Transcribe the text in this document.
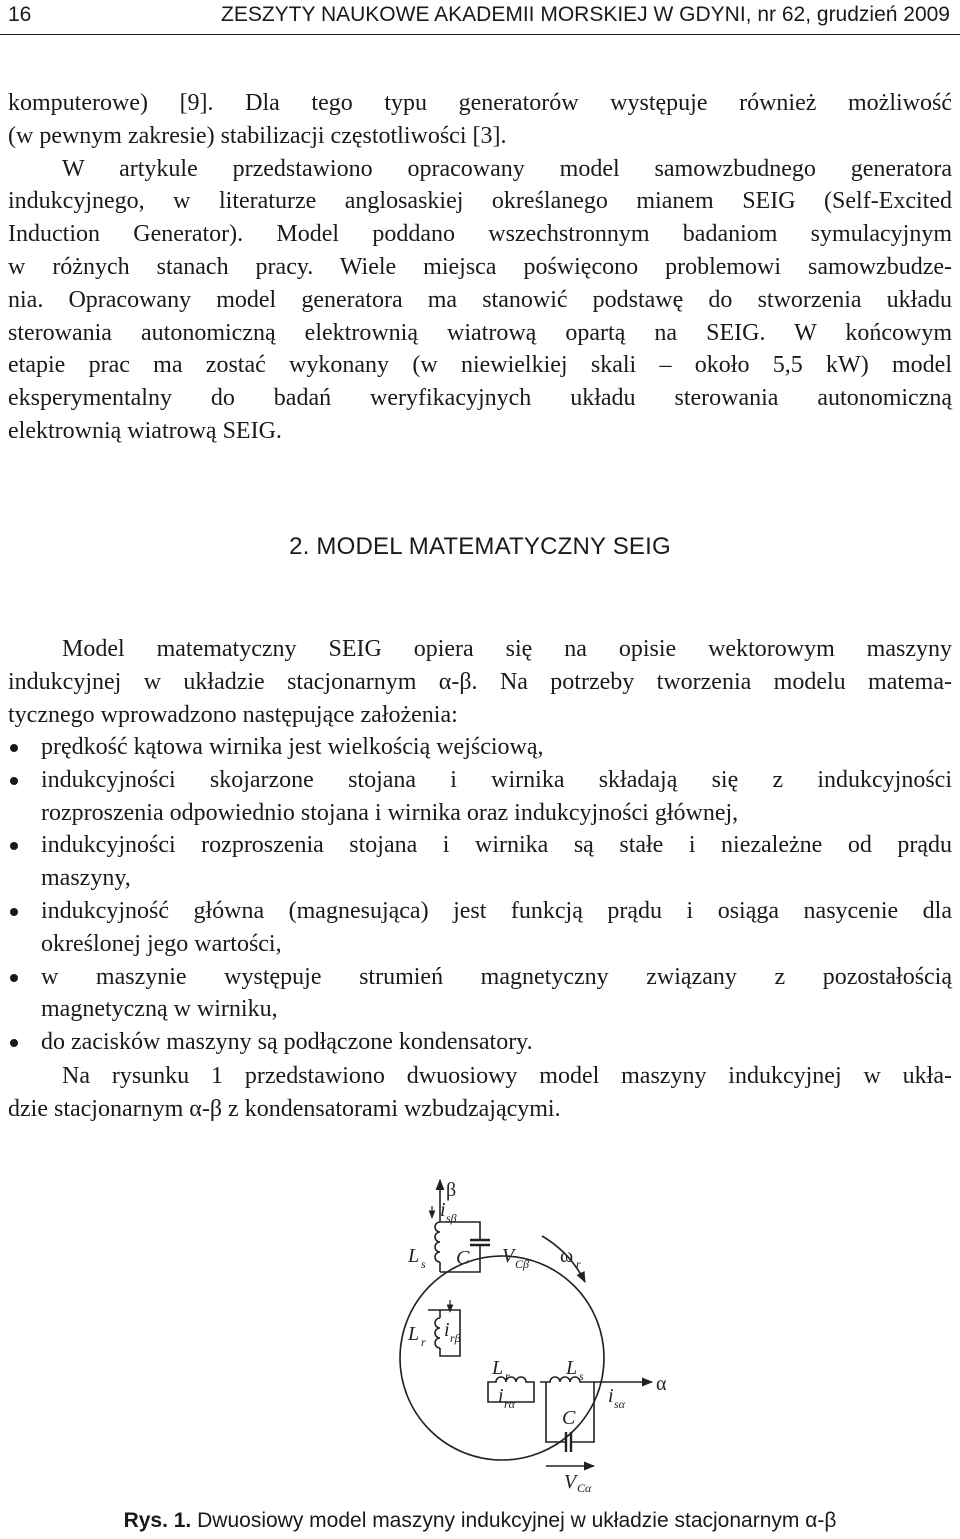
16	ZESZYTY NAUKOWE AKADEMII MORSKIEJ W GDYNI, nr 62, grudzień 2009
komputerowe) [9]. Dla tego typu generatorów występuje również możliwość
(w pewnym zakresie) stabilizacji częstotliwości [3].
W artykule przedstawiono opracowany model samowzbudnego generatora
indukcyjnego, w literaturze anglosaskiej określanego mianem SEIG (Self-Excited
Induction Generator). Model poddano wszechstronnym badaniom symulacyjnym
w różnych stanach pracy. Wiele miejsca poświęcono problemowi samowzbudze-
nia. Opracowany model generatora ma stanowić podstawę do stworzenia układu
sterowania autonomiczną elektrownią wiatrową opartą na SEIG. W końcowym
etapie prac ma zostać wykonany (w niewielkiej skali – około 5,5 kW) model
eksperymentalny do badań weryfikacyjnych układu sterowania autonomiczną
elektrownią wiatrową SEIG.
2. MODEL MATEMATYCZNY SEIG
Model matematyczny SEIG opiera się na opisie wektorowym maszyny
indukcyjnej w układzie stacjonarnym α-β. Na potrzeby tworzenia modelu matema-
tycznego wprowadzono następujące założenia:
prędkość kątowa wirnika jest wielkością wejściową,
indukcyjności skojarzone stojana i wirnika składają się z indukcyjności
rozproszenia odpowiednio stojana i wirnika oraz indukcyjności głównej,
indukcyjności rozproszenia stojana i wirnika są stałe i niezależne od prądu
maszyny,
indukcyjność główna (magnesująca) jest funkcją prądu i osiąga nasycenie dla
określonej jego wartości,
w maszynie występuje strumień magnetyczny związany z pozostałością
magnetyczną w wirniku,
do zacisków maszyny są podłączone kondensatory.
Na rysunku 1 przedstawiono dwuosiowy model maszyny indukcyjnej w ukła-
dzie stacjonarnym α-β z kondensatorami wzbudzającymi.
β
α
ω r
i sβ
L s C V Cβ
L r
i rβ
L r	L s
i rα	i sα
C
V Cα
Rys. 1. Dwuosiowy model maszyny indukcyjnej w układzie stacjonarnym α-β
